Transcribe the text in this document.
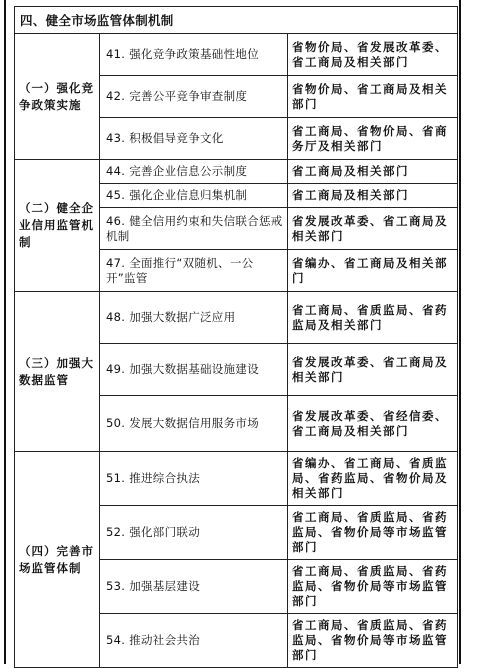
四、健全市场监管体制机制		
（一）强化竞争政策实施	41. 强化竞争政策基础性地位	省物价局、省发展改革委、省工商局及相关部门
	42. 完善公平竞争审查制度	省物价局、省工商局及相关部门
	43. 积极倡导竞争文化	省工商局、省物价局、省商务厅及相关部门
（二）健全企业信用监管机制	44. 完善企业信息公示制度	省工商局及相关部门
	45. 强化企业信息归集机制	省工商局及相关部门
	46. 健全信用约束和失信联合惩戒机制	省发展改革委、省工商局及相关部门
	47. 全面推行“双随机、一公开”监管	省编办、省工商局及相关部门
（三）加强大数据监管	48. 加强大数据广泛应用	省工商局、省质监局、省药监局及相关部门
	49. 加强大数据基础设施建设	省发展改革委、省工商局及相关部门
	50. 发展大数据信用服务市场	省发展改革委、省经信委、省工商局及相关部门
（四）完善市场监管体制	51. 推进综合执法	省编办、省工商局、省质监局、省药监局、省物价局及相关部门
	52. 强化部门联动	省工商局、省质监局、省药监局、省物价局等市场监管部门
	53. 加强基层建设	省工商局、省质监局、省药监局、省物价局等市场监管部门
	54. 推动社会共治	省工商局、省质监局、省药监局、省物价局等市场监管部门
